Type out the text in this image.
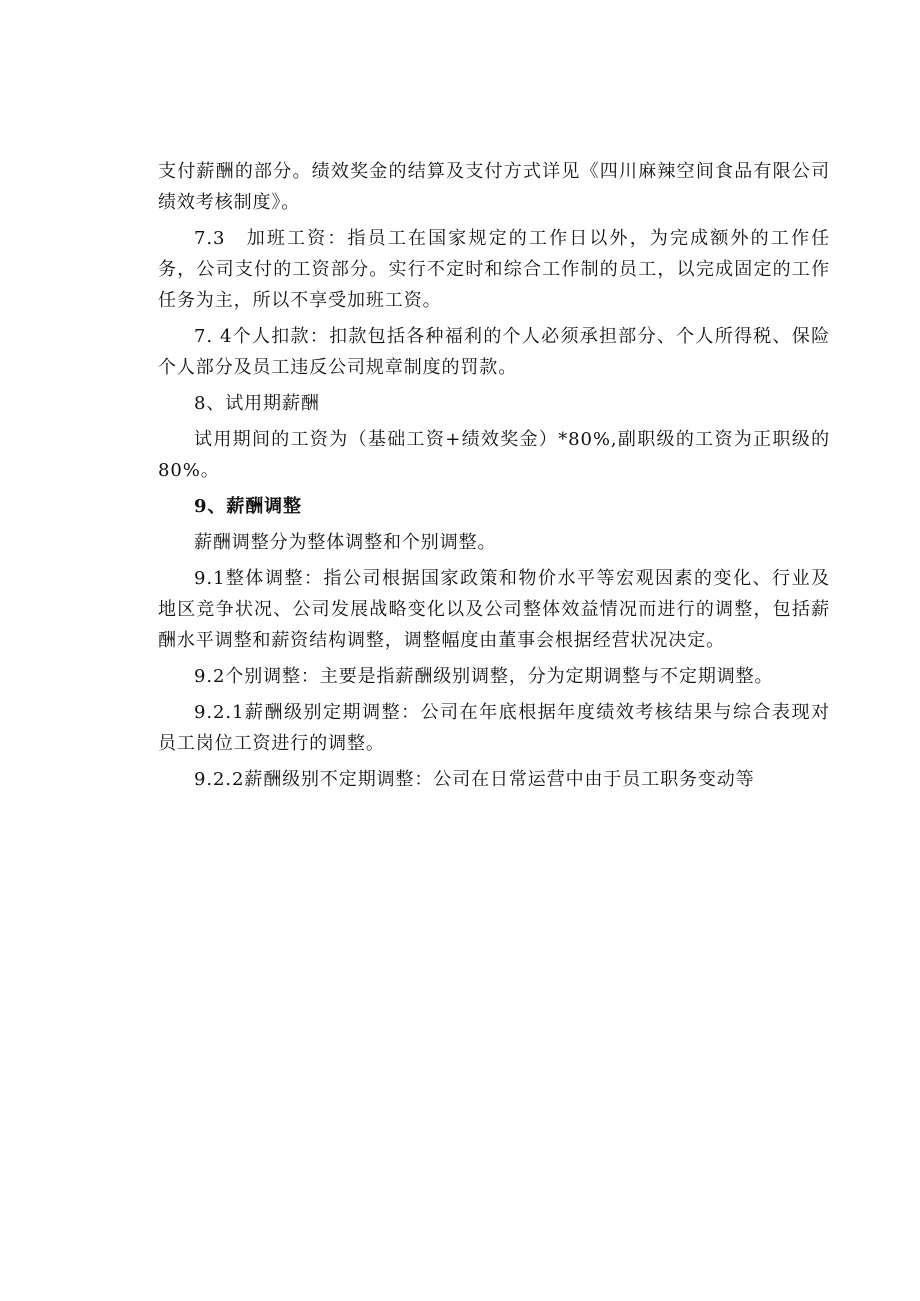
支付薪酬的部分。绩效奖金的结算及支付方式详见《四川麻辣空间食品有限公司绩效考核制度》。

7.3　加班工资：指员工在国家规定的工作日以外，为完成额外的工作任务，公司支付的工资部分。实行不定时和综合工作制的员工，以完成固定的工作任务为主，所以不享受加班工资。

7. 4个人扣款：扣款包括各种福利的个人必须承担部分、个人所得税、保险个人部分及员工违反公司规章制度的罚款。

8、试用期薪酬

试用期间的工资为（基础工资+绩效奖金）*80%,副职级的工资为正职级的80%。

9、薪酬调整

薪酬调整分为整体调整和个别调整。

9.1整体调整：指公司根据国家政策和物价水平等宏观因素的变化、行业及地区竞争状况、公司发展战略变化以及公司整体效益情况而进行的调整，包括薪酬水平调整和薪资结构调整，调整幅度由董事会根据经营状况决定。

9.2个别调整：主要是指薪酬级别调整，分为定期调整与不定期调整。

9.2.1薪酬级别定期调整：公司在年底根据年度绩效考核结果与综合表现对员工岗位工资进行的调整。

9.2.2薪酬级别不定期调整：公司在日常运营中由于员工职务变动等
